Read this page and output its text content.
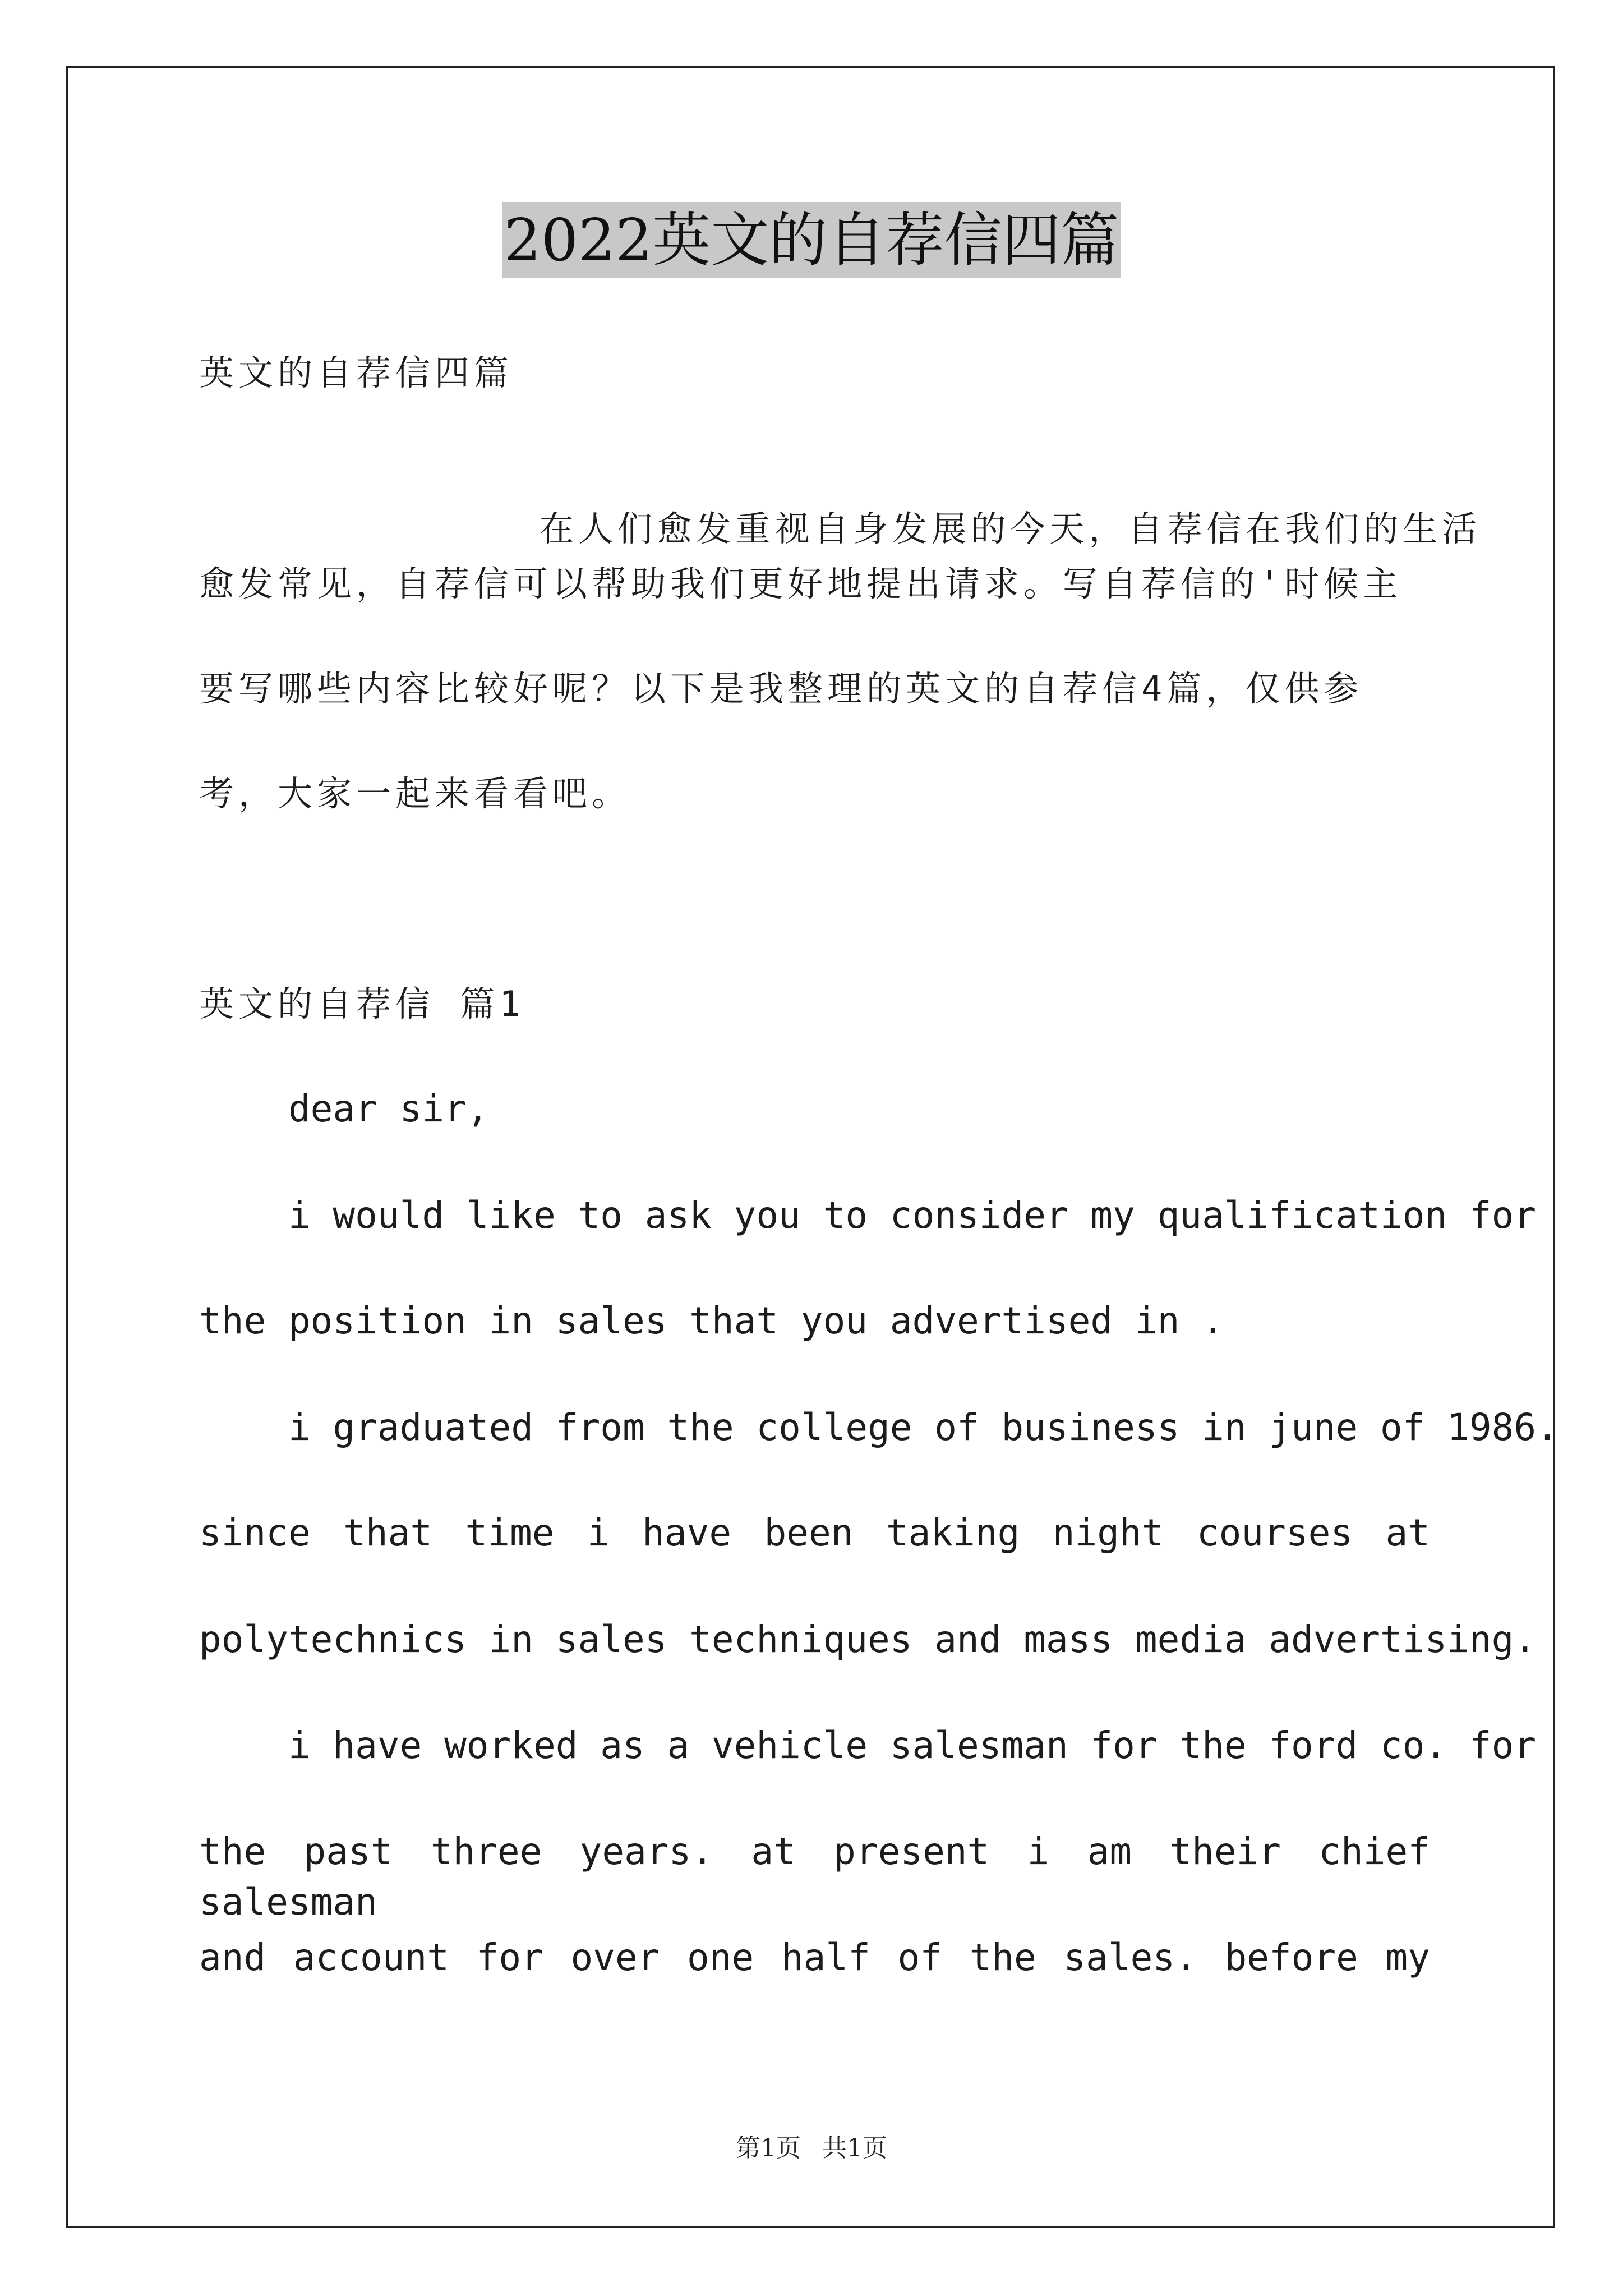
2022英文的自荐信四篇
英文的自荐信四篇

在人们愈发重视自身发展的今天，自荐信在我们的生活

愈发常见，自荐信可以帮助我们更好地提出请求。写自荐信的'时候主
要写哪些内容比较好呢？以下是我整理的英文的自荐信4篇，仅供参
考，大家一起来看看吧。
英文的自荐信 篇1
dear sir,
i would like to ask you to consider my qualification for
the position in sales that you advertised in .
i graduated from the college of business in june of 1986.
since that time i have been taking night courses at
polytechnics in sales techniques and mass media advertising.
i have worked as a vehicle salesman for the ford co. for
the past three years. at present i am their chief salesman
and account for over one half of the sales. before my
第1页 共1页
